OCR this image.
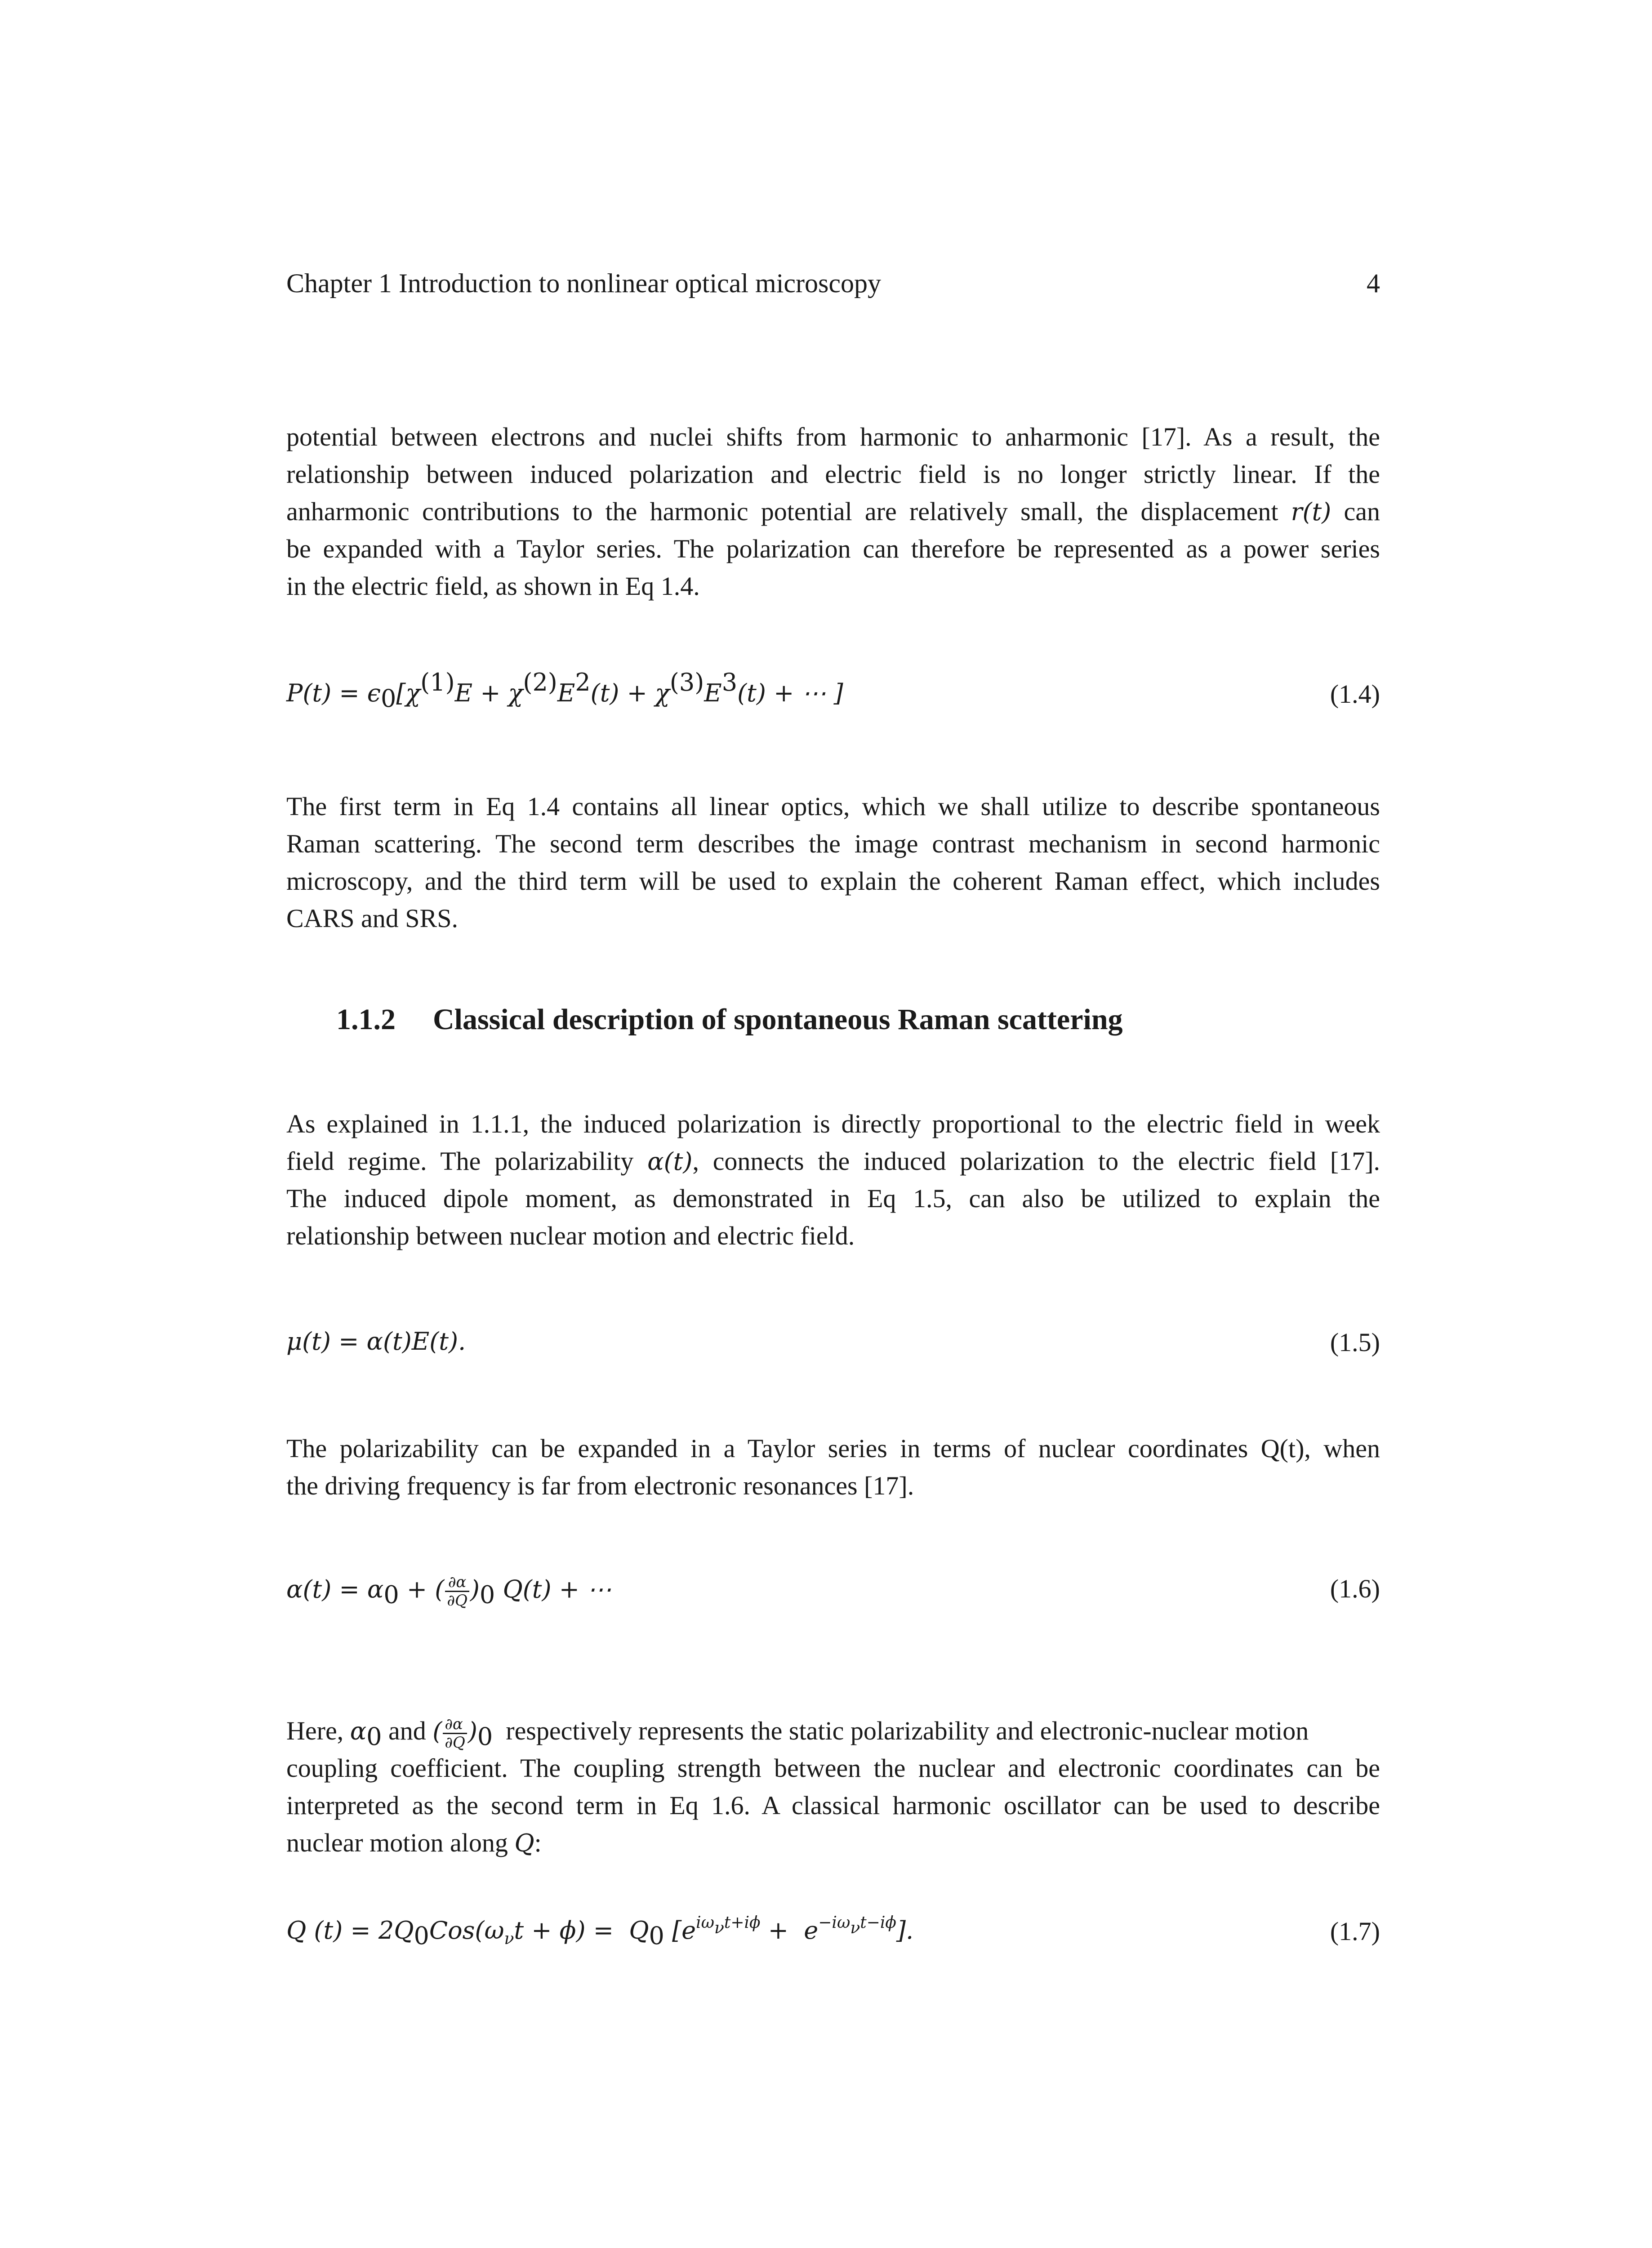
Chapter 1 Introduction to nonlinear optical microscopy	4
potential between electrons and nuclei shifts from harmonic to anharmonic [17]. As a result, the
relationship between induced polarization and electric field is no longer strictly linear. If the
anharmonic contributions to the harmonic potential are relatively small, the displacement r(t) can
be expanded with a Taylor series. The polarization can therefore be represented as a power series
in the electric field, as shown in Eq 1.4.
$P(t) = \epsilon_0[\chi^{(1)}E + \chi^{(2)}E^2(t) + \chi^{(3)}E^3(t)$ + ⋯ ]	(1.4)
The first term in Eq 1.4 contains all linear optics, which we shall utilize to describe spontaneous
Raman scattering. The second term describes the image contrast mechanism in second harmonic
microscopy, and the third term will be used to explain the coherent Raman effect, which includes
CARS and SRS.
1.1.2 Classical description of spontaneous Raman scattering
As explained in 1.1.1, the induced polarization is directly proportional to the electric field in week
field regime. The polarizability α(t), connects the induced polarization to the electric field [17].
The induced dipole moment, as demonstrated in Eq 1.5, can also be utilized to explain the
relationship between nuclear motion and electric field.
μ(t) = α(t)E(t).	(1.5)
The polarizability can be expanded in a Taylor series in terms of nuclear coordinates Q(t), when
the driving frequency is far from electronic resonances [17].
$\alpha(t) = \alpha_0$ + ( $\frac{\partial\alpha}{\partial Q} )_0$ Q(t) + ⋯	(1.6)
Here, $\alpha_0$ and ( $\frac{\partial\alpha}{\partial Q} )_0$ respectively represents the static polarizability and electronic-nuclear motion
coupling coefficient. The coupling strength between the nuclear and electronic coordinates can be
interpreted as the second term in Eq 1.6. A classical harmonic oscillator can be used to describe
nuclear motion along Q:
Q $(t) = 2Q_0Cos(\omega_\nu t + \phi) = Q_0$ $[e^{i\omega_\nu t+i\phi} + e^{-i\omega_\nu t-i\phi}]$.	(1.7)
